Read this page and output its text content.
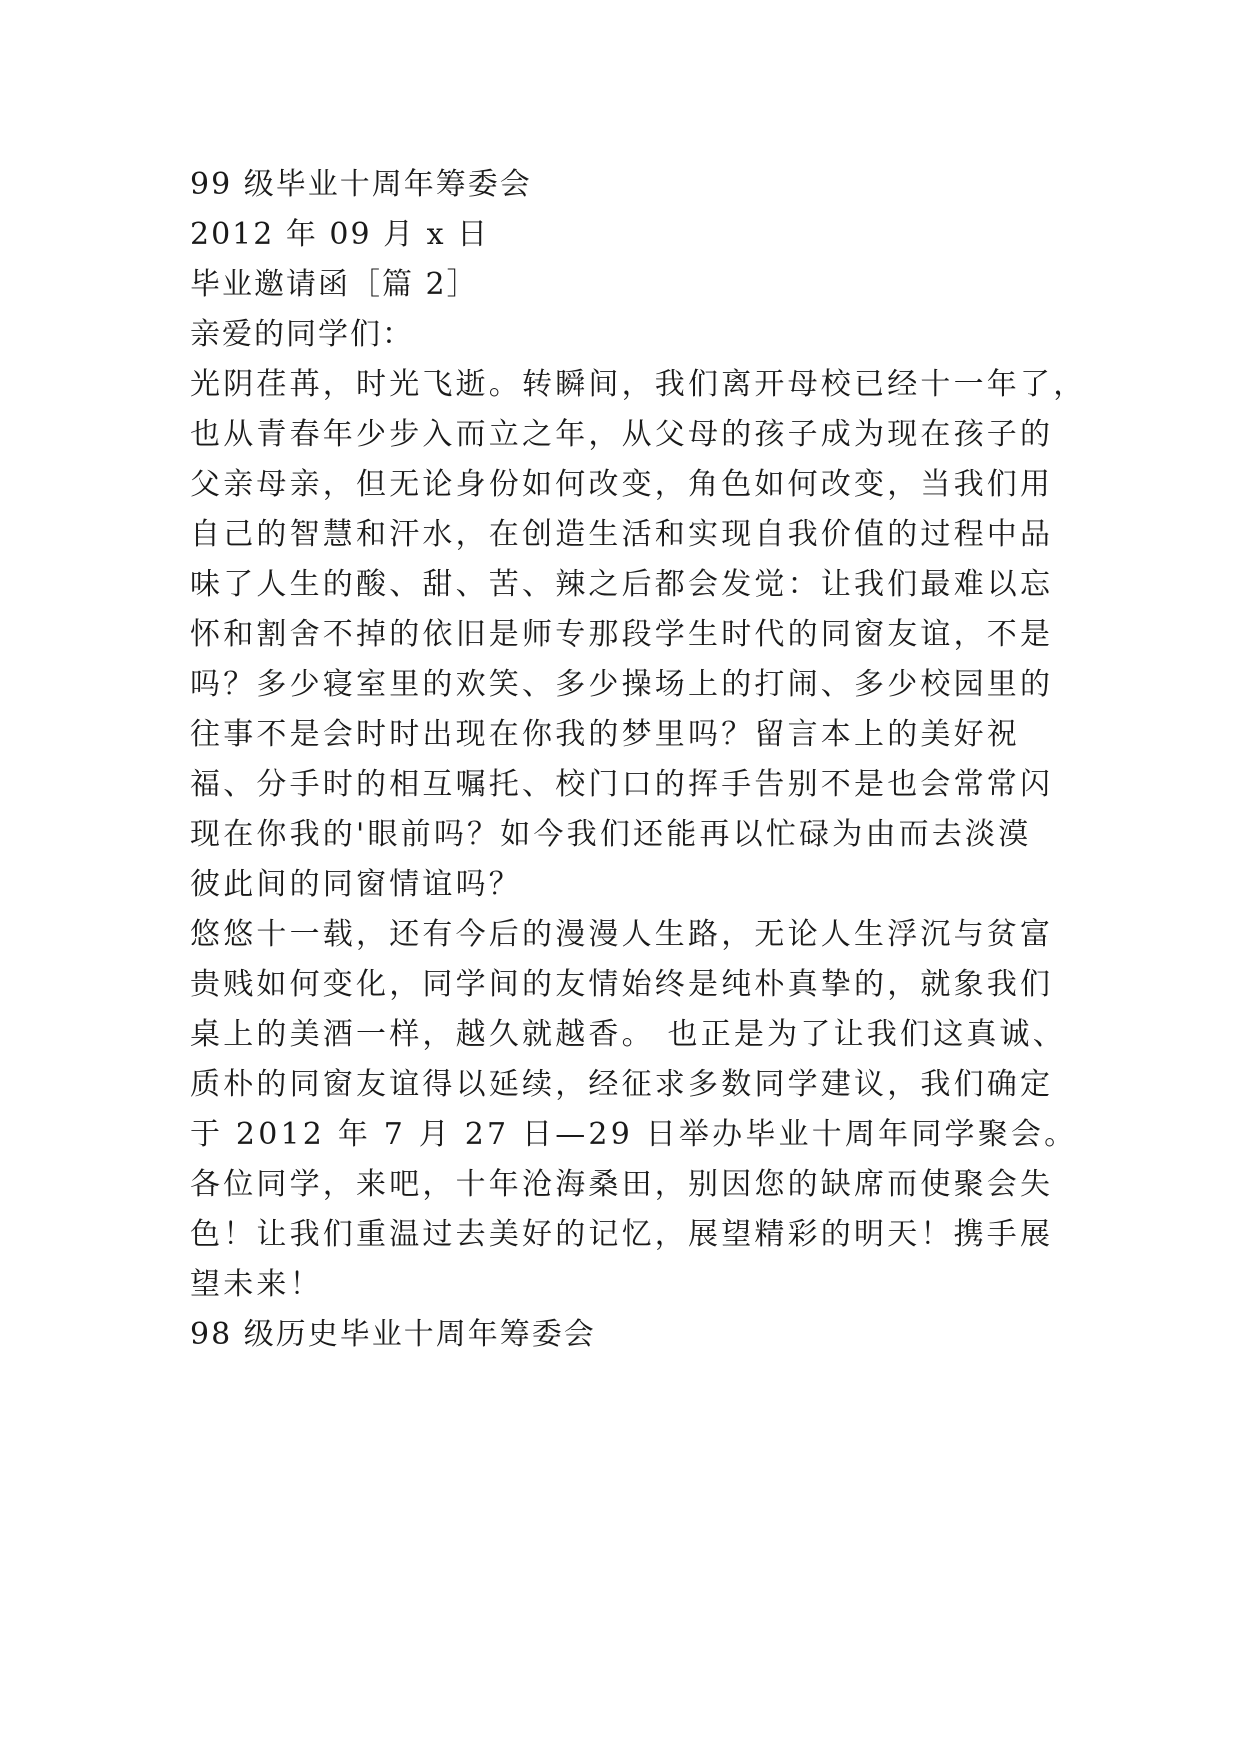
99 级毕业十周年筹委会
2012 年 09 月 x 日
毕业邀请函［篇 2］
亲爱的同学们：
光阴荏苒，时光飞逝。转瞬间，我们离开母校已经十一年了，
也从青春年少步入而立之年，从父母的孩子成为现在孩子的
父亲母亲，但无论身份如何改变，角色如何改变，当我们用
自己的智慧和汗水，在创造生活和实现自我价值的过程中品
味了人生的酸、甜、苦、辣之后都会发觉：让我们最难以忘
怀和割舍不掉的依旧是师专那段学生时代的同窗友谊，不是
吗？多少寝室里的欢笑、多少操场上的打闹、多少校园里的
往事不是会时时出现在你我的梦里吗？留言本上的美好祝
福、分手时的相互嘱托、校门口的挥手告别不是也会常常闪
现在你我的'眼前吗？如今我们还能再以忙碌为由而去淡漠
彼此间的同窗情谊吗？
悠悠十一载，还有今后的漫漫人生路，无论人生浮沉与贫富
贵贱如何变化，同学间的友情始终是纯朴真挚的，就象我们
桌上的美酒一样，越久就越香。 也正是为了让我们这真诚、
质朴的同窗友谊得以延续，经征求多数同学建议，我们确定
于 2012 年 7 月 27 日—29 日举办毕业十周年同学聚会。
各位同学，来吧，十年沧海桑田，别因您的缺席而使聚会失
色！让我们重温过去美好的记忆，展望精彩的明天！携手展
望未来！
98 级历史毕业十周年筹委会
